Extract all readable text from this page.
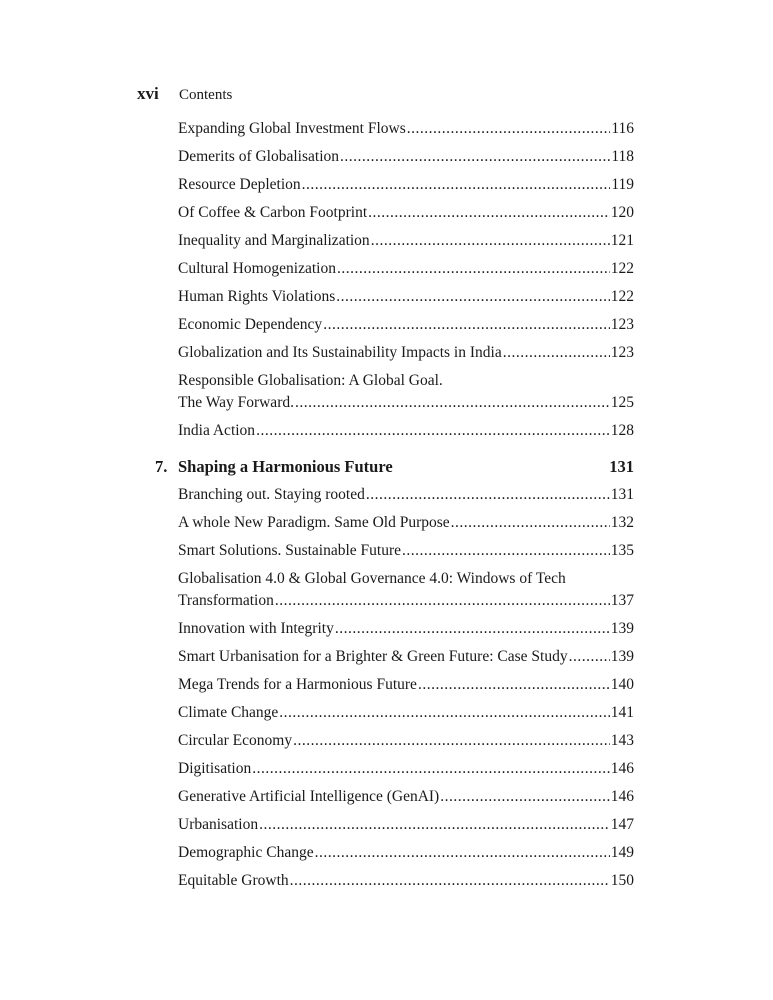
xvi	Contents
Expanding Global Investment Flows .....	116
Demerits of Globalisation .....	118
Resource Depletion .....	119
Of Coffee & Carbon Footprint .....	120
Inequality and Marginalization .....	121
Cultural Homogenization .....	122
Human Rights Violations .....	122
Economic Dependency .....	123
Globalization and Its Sustainability Impacts in India .....	123
Responsible Globalisation: A Global Goal.
The Way Forward. .....	125
India Action .....	128
7. Shaping a Harmonious Future	131
Branching out. Staying rooted .....	131
A whole New Paradigm. Same Old Purpose .....	132
Smart Solutions. Sustainable Future .....	135
Globalisation 4.0 & Global Governance 4.0: Windows of Tech
Transformation .....	137
Innovation with Integrity .....	139
Smart Urbanisation for a Brighter & Green Future: Case Study .....	139
Mega Trends for a Harmonious Future .....	140
Climate Change .....	141
Circular Economy .....	143
Digitisation .....	146
Generative Artificial Intelligence (GenAI) .....	146
Urbanisation .....	147
Demographic Change .....	149
Equitable Growth .....	150
